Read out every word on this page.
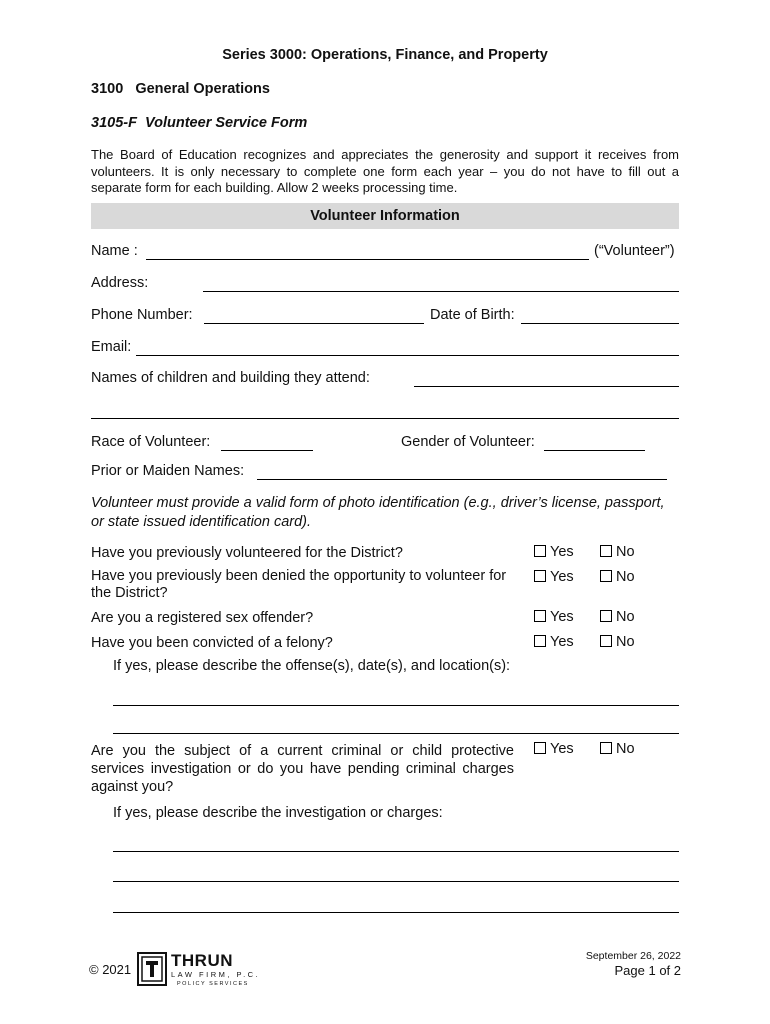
Series 3000: Operations, Finance, and Property
3100   General Operations
3105-F  Volunteer Service Form
The Board of Education recognizes and appreciates the generosity and support it receives from volunteers. It is only necessary to complete one form each year – you do not have to fill out a separate form for each building. Allow 2 weeks processing time.
Volunteer Information
Name :	(“Volunteer”)
Address:
Phone Number:	Date of Birth:
Email:
Names of children and building they attend:
Race of Volunteer:	Gender of Volunteer:
Prior or Maiden Names:
Volunteer must provide a valid form of photo identification (e.g., driver’s license, passport, or state issued identification card).
Have you previously volunteered for the District?	Yes	No
Have you previously been denied the opportunity to volunteer for the District?
Yes	No
Are you a registered sex offender?	Yes	No
Have you been convicted of a felony?	Yes	No
If yes, please describe the offense(s), date(s), and location(s):
Are you the subject of a current criminal or child protective services investigation or do you have pending criminal charges against you?
Yes	No
If yes, please describe the investigation or charges:
© 2021 THRUN
LAW FIRM, P.C.
POLICY SERVICES
September 26, 2022
Page 1 of 2
